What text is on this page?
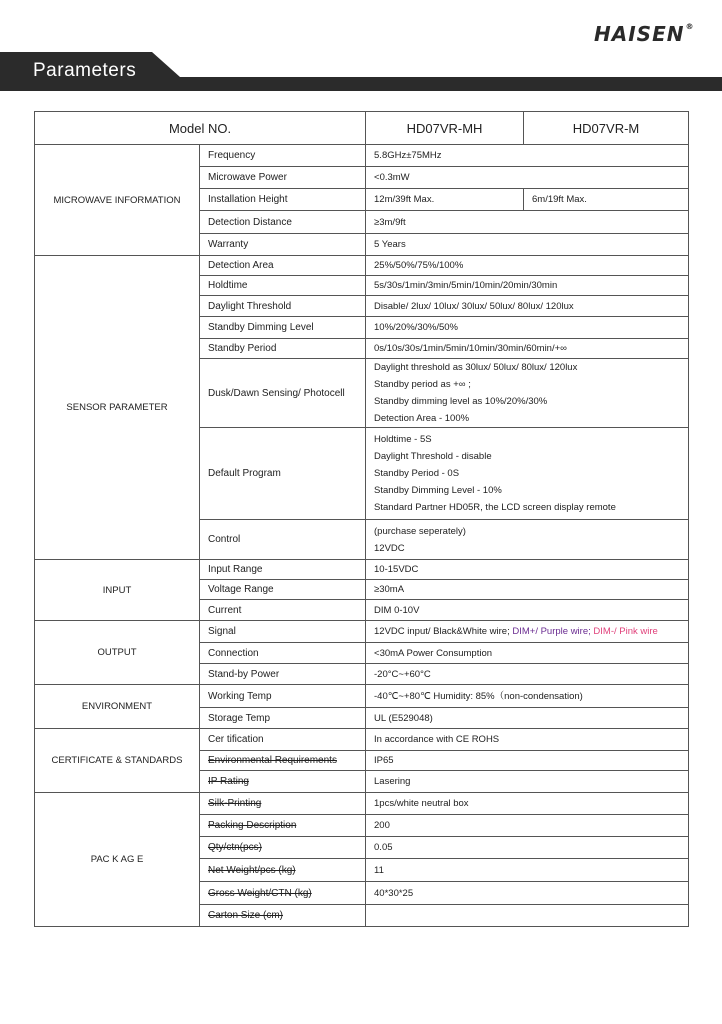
HAISEN®
Parameters
Model NO.		HD07VR-MH	HD07VR-M
MICROWAVE INFORMATION	Frequency	5.8GHz±75MHz	
	Microwave Power	<0.3mW	
	Installation Height	12m/39ft Max.	6m/19ft Max.
	Detection Distance	≥3m/9ft	
	Warranty	5 Years	
SENSOR PARAMETER	Detection Area	25%/50%/75%/100%	
	Holdtime	5s/30s/1min/3min/5min/10min/20min/30min	
	Daylight Threshold	Disable/ 2lux/ 10lux/ 30lux/ 50lux/ 80lux/ 120lux	
	Standby Dimming Level	10%/20%/30%/50%	
	Standby Period	0s/10s/30s/1min/5min/10min/30min/60min/+∞	
	Dusk/Dawn Sensing/ Photocell	Daylight threshold as 30lux/ 50lux/ 80lux/ 120lux
Standby period as +∞ ;
Standby dimming level as 10%/20%/30%
Detection Area - 100%	

	Default Program	Holdtime - 5S
Daylight Threshold - disable
Standby Period - 0S
Standby Dimming Level - 10%
Standard Partner HD05R, the LCD screen display remote	

	Control	(purchase seperately)
12VDC	

INPUT	Input Range	10-15VDC	
	Voltage Range	≥30mA	
	Current	DIM 0-10V	
OUTPUT	Signal	12VDC input/ Black&White wire; DIM+/ Purple wire; DIM-/ Pink wire	
	Connection	<30mA Power Consumption	
	Stand-by Power	-20°C~+60°C	
ENVIRONMENT	Working Temp	-40℃~+80℃ Humidity: 85%（non-condensation)	
	Storage Temp	UL (E529048)	
CERTIFICATE & STANDARDS	Cer tification	In accordance with CE ROHS	
	Environmental Requirements	IP65	
	IP Rating	Lasering	
PAC K AG E	Silk-Printing	1pcs/white neutral box	
	Packing Description	200	
	Qty/ctn(pcs)	0.05	
	Net Weight/pcs (kg)	11	
	Gross Weight/CTN (kg)	40*30*25	
	Carton Size (cm)		
